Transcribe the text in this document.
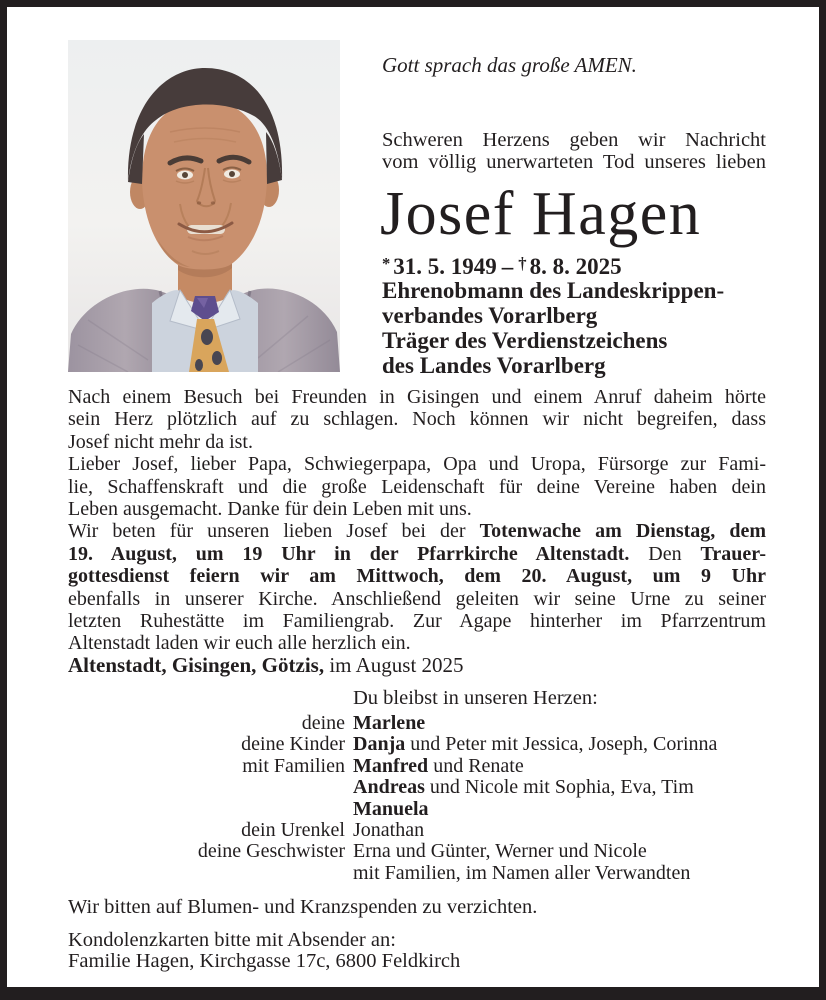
Gott sprach das große AMEN.
Schweren Herzens geben wir Nachricht
vom völlig unerwarteten Tod unseres lieben
Josef Hagen
* 31. 5. 1949 – † 8. 8. 2025
Ehrenobmann des Landeskrippen-
verbandes Vorarlberg
Träger des Verdienstzeichens
des Landes Vorarlberg
Nach einem Besuch bei Freunden in Gisingen und einem Anruf daheim hörte
sein Herz plötzlich auf zu schlagen. Noch können wir nicht begreifen, dass
Josef nicht mehr da ist.
Lieber Josef, lieber Papa, Schwiegerpapa, Opa und Uropa, Fürsorge zur Fami-
lie, Schaffenskraft und die große Leidenschaft für deine Vereine haben dein
Leben ausgemacht. Danke für dein Leben mit uns.
Wir beten für unseren lieben Josef bei der Totenwache am Dienstag, dem
19. August, um 19 Uhr in der Pfarrkirche Altenstadt. Den Trauer-
gottesdienst feiern wir am Mittwoch, dem 20. August, um 9 Uhr
ebenfalls in unserer Kirche. Anschließend geleiten wir seine Urne zu seiner
letzten Ruhestätte im Familiengrab. Zur Agape hinterher im Pfarrzentrum
Altenstadt laden wir euch alle herzlich ein.
Altenstadt, Gisingen, Götzis, im August 2025
Du bleibst in unseren Herzen:
deine Marlene
deine Kinder Danja und Peter mit Jessica, Joseph, Corinna
mit Familien Manfred und Renate
Andreas und Nicole mit Sophia, Eva, Tim
Manuela
dein Urenkel Jonathan
deine Geschwister Erna und Günter, Werner und Nicole
mit Familien, im Namen aller Verwandten
Wir bitten auf Blumen- und Kranzspenden zu verzichten.
Kondolenzkarten bitte mit Absender an:
Familie Hagen, Kirchgasse 17c, 6800 Feldkirch
